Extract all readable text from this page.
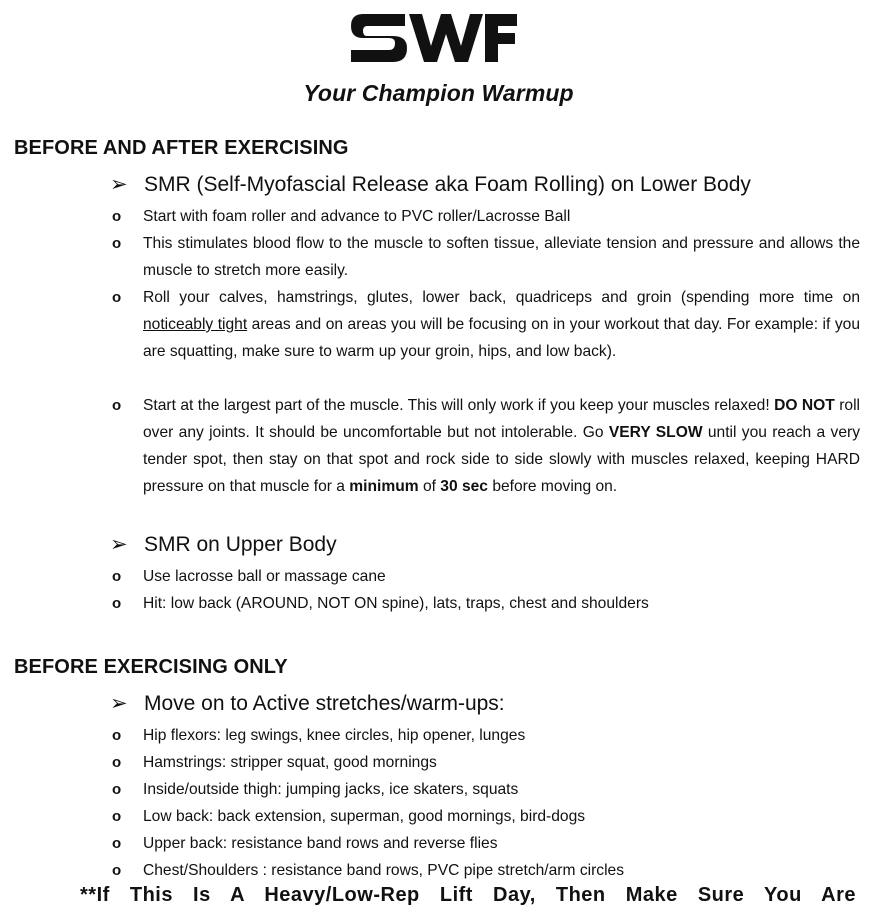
Your Champion Warmup
BEFORE AND AFTER EXERCISING
➢ SMR (Self-Myofascial Release aka Foam Rolling) on Lower Body
o Start with foam roller and advance to PVC roller/Lacrosse Ball
o This stimulates blood flow to the muscle to soften tissue, alleviate tension and pressure and allows the muscle to stretch more easily.
o Roll your calves, hamstrings, glutes, lower back, quadriceps and groin (spending more time on noticeably tight areas and on areas you will be focusing on in your workout that day. For example: if you are squatting, make sure to warm up your groin, hips, and low back).
o Start at the largest part of the muscle. This will only work if you keep your muscles relaxed! DO NOT roll over any joints. It should be uncomfortable but not intolerable. Go VERY SLOW until you reach a very tender spot, then stay on that spot and rock side to side slowly with muscles relaxed, keeping HARD pressure on that muscle for a minimum of 30 sec before moving on.
➢ SMR on Upper Body
o Use lacrosse ball or massage cane
o Hit: low back (AROUND, NOT ON spine), lats, traps, chest and shoulders
BEFORE EXERCISING ONLY
➢ Move on to Active stretches/warm-ups:
o Hip flexors: leg swings, knee circles, hip opener, lunges
o Hamstrings: stripper squat, good mornings
o Inside/outside thigh: jumping jacks, ice skaters, squats
o Low back: back extension, superman, good mornings, bird-dogs
o Upper back: resistance band rows and reverse flies
o Chest/Shoulders : resistance band rows, PVC pipe stretch/arm circles
**If This Is A Heavy/Low-Rep Lift Day, Then Make Sure You Are
